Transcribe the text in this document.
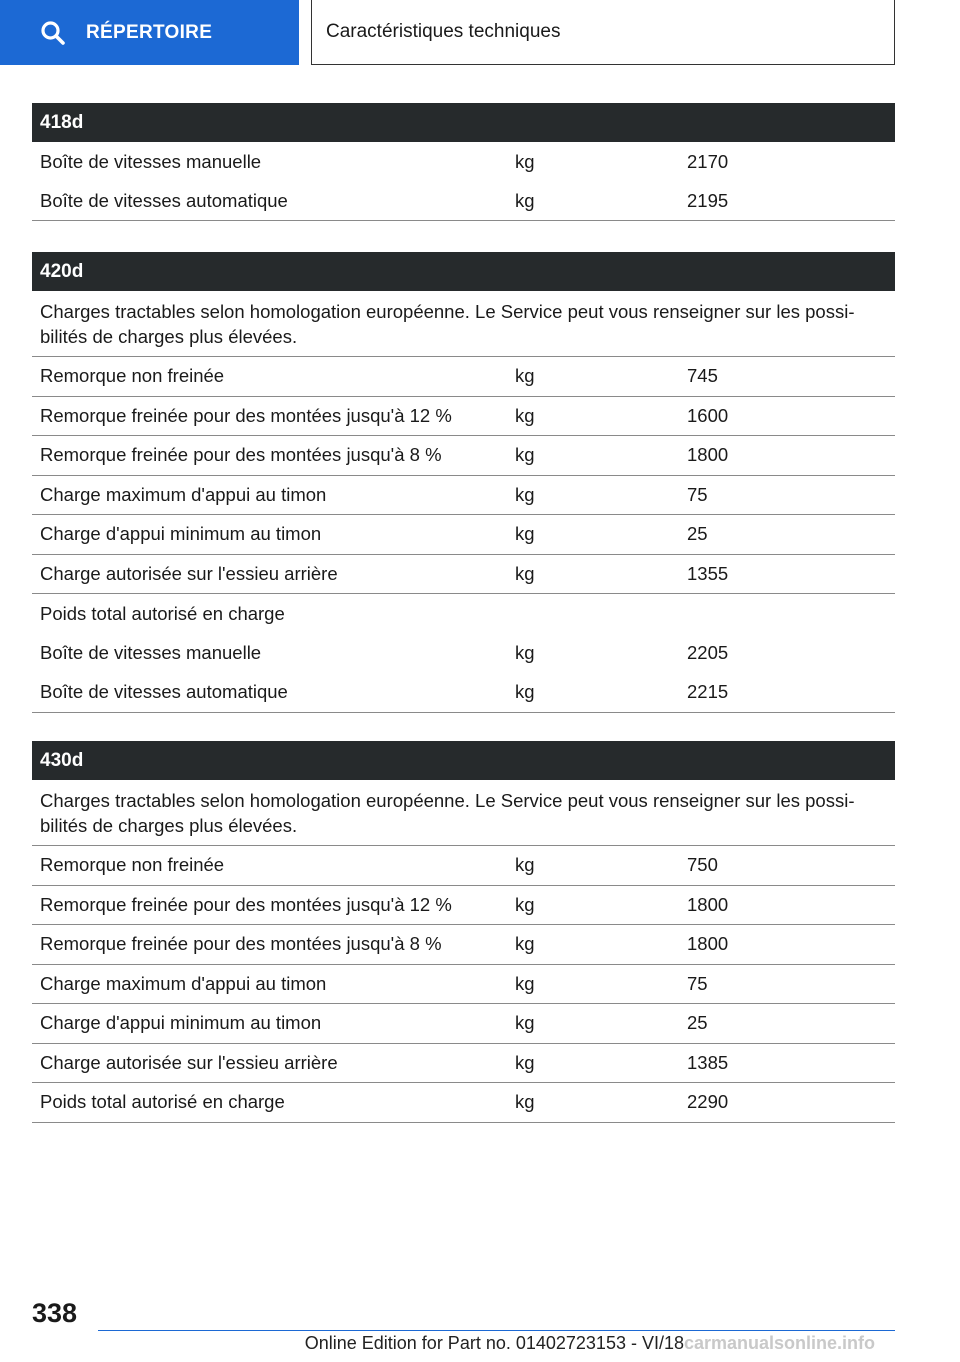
RÉPERTOIRE	Caractéristiques techniques
418d
Boîte de vitesses manuelle	kg	2170
Boîte de vitesses automatique	kg	2195
420d
Charges tractables selon homologation européenne. Le Service peut vous renseigner sur les possi-bilités de charges plus élevées.
Remorque non freinée	kg	745
Remorque freinée pour des montées jusqu'à 12 %	kg	1600
Remorque freinée pour des montées jusqu'à 8 %	kg	1800
Charge maximum d'appui au timon	kg	75
Charge d'appui minimum au timon	kg	25
Charge autorisée sur l'essieu arrière	kg	1355
Poids total autorisé en charge
Boîte de vitesses manuelle	kg	2205
Boîte de vitesses automatique	kg	2215
430d
Charges tractables selon homologation européenne. Le Service peut vous renseigner sur les possi-bilités de charges plus élevées.
Remorque non freinée	kg	750
Remorque freinée pour des montées jusqu'à 12 %	kg	1800
Remorque freinée pour des montées jusqu'à 8 %	kg	1800
Charge maximum d'appui au timon	kg	75
Charge d'appui minimum au timon	kg	25
Charge autorisée sur l'essieu arrière	kg	1385
Poids total autorisé en charge	kg	2290
338
Online Edition for Part no. 01402723153 - VI/18 carmanualsonline.info
